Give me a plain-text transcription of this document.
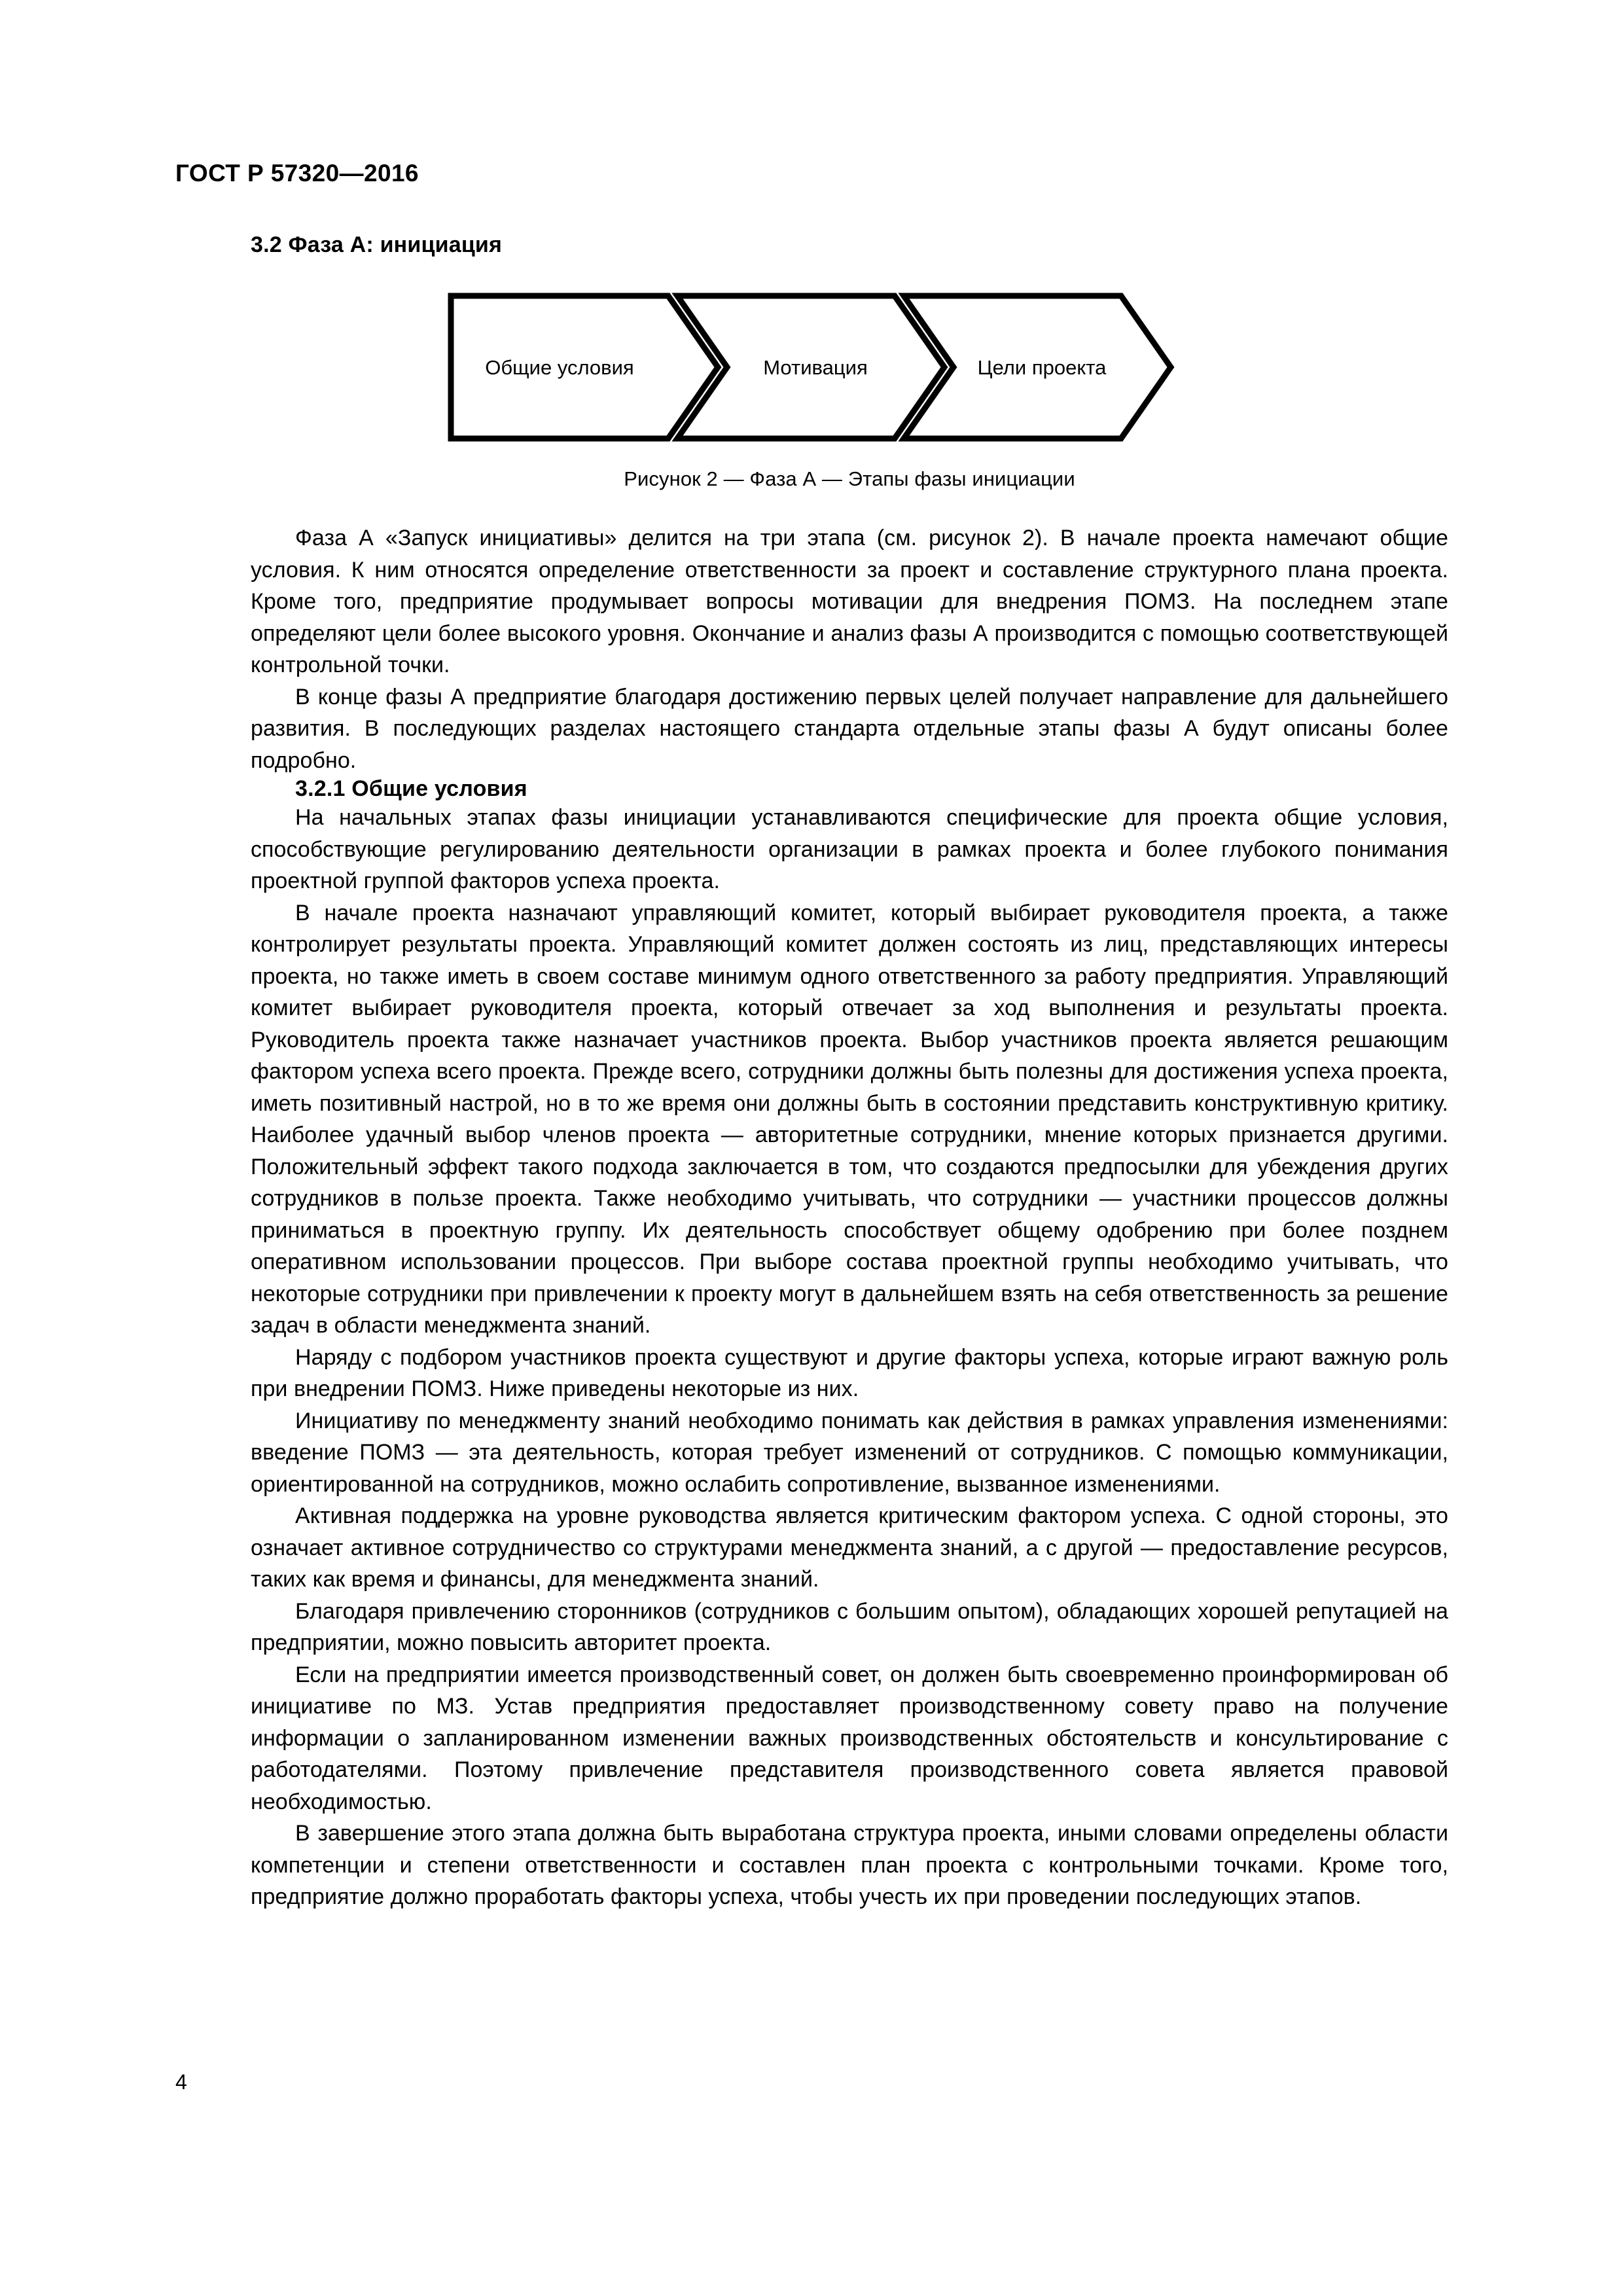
ГОСТ Р 57320—2016
3.2 Фаза А: инициация
Общие условия	Мотивация	Цели проекта
Рисунок 2 — Фаза А — Этапы фазы инициации

Фаза А «Запуск инициативы» делится на три этапа (см. рисунок 2). В начале проекта намечают общие условия. К ним относятся определение ответственности за проект и составление структурного плана проекта. Кроме того, предприятие продумывает вопросы мотивации для внедрения ПОМЗ. На последнем этапе определяют цели более высокого уровня. Окончание и анализ фазы А производится с помощью соответствующей контрольной точки.

В конце фазы А предприятие благодаря достижению первых целей получает направление для дальнейшего развития. В последующих разделах настоящего стандарта отдельные этапы фазы А будут описаны более подробно.

3.2.1 Общие условия

На начальных этапах фазы инициации устанавливаются специфические для проекта общие условия, способствующие регулированию деятельности организации в рамках проекта и более глубокого понимания проектной группой факторов успеха проекта.

В начале проекта назначают управляющий комитет, который выбирает руководителя проекта, а также контролирует результаты проекта. Управляющий комитет должен состоять из лиц, представляющих интересы проекта, но также иметь в своем составе минимум одного ответственного за работу предприятия. Управляющий комитет выбирает руководителя проекта, который отвечает за ход выполнения и результаты проекта. Руководитель проекта также назначает участников проекта. Выбор участников проекта является решающим фактором успеха всего проекта. Прежде всего, сотрудники должны быть полезны для достижения успеха проекта, иметь позитивный настрой, но в то же время они должны быть в состоянии представить конструктивную критику. Наиболее удачный выбор членов проекта — авторитетные сотрудники, мнение которых признается другими. Положительный эффект такого подхода заключается в том, что создаются предпосылки для убеждения других сотрудников в пользе проекта. Также необходимо учитывать, что сотрудники — участники процессов должны приниматься в проектную группу. Их деятельность способствует общему одобрению при более позднем оперативном использовании процессов. При выборе состава проектной группы необходимо учитывать, что некоторые сотрудники при привлечении к проекту могут в дальнейшем взять на себя ответственность за решение задач в области менеджмента знаний.

Наряду с подбором участников проекта существуют и другие факторы успеха, которые играют важную роль при внедрении ПОМЗ. Ниже приведены некоторые из них.

Инициативу по менеджменту знаний необходимо понимать как действия в рамках управления изменениями: введение ПОМЗ — эта деятельность, которая требует изменений от сотрудников. С помощью коммуникации, ориентированной на сотрудников, можно ослабить сопротивление, вызванное изменениями.

Активная поддержка на уровне руководства является критическим фактором успеха. С одной стороны, это означает активное сотрудничество со структурами менеджмента знаний, а с другой — предоставление ресурсов, таких как время и финансы, для менеджмента знаний.

Благодаря привлечению сторонников (сотрудников с большим опытом), обладающих хорошей репутацией на предприятии, можно повысить авторитет проекта.

Если на предприятии имеется производственный совет, он должен быть своевременно проинформирован об инициативе по МЗ. Устав предприятия предоставляет производственному совету право на получение информации о запланированном изменении важных производственных обстоятельств и консультирование с работодателями. Поэтому привлечение представителя производственного совета является правовой необходимостью.

В завершение этого этапа должна быть выработана структура проекта, иными словами определены области компетенции и степени ответственности и составлен план проекта с контрольными точками. Кроме того, предприятие должно проработать факторы успеха, чтобы учесть их при проведении последующих этапов.

4
